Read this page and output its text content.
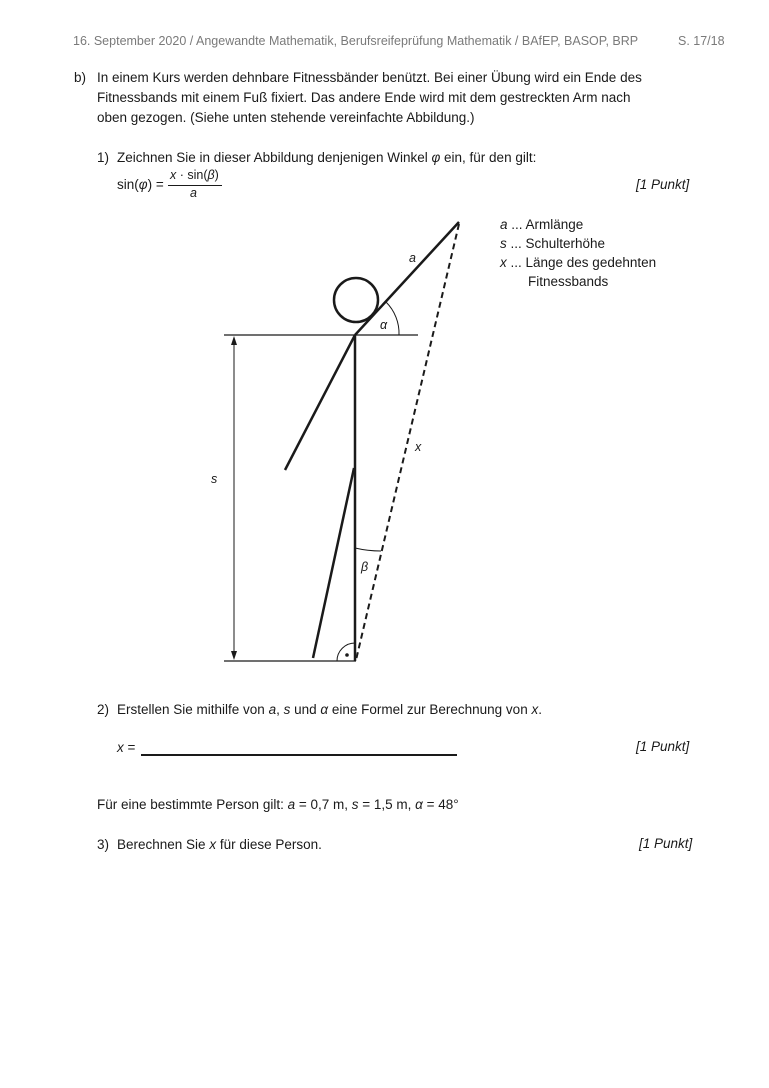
16. September 2020 / Angewandte Mathematik, Berufsreifeprüfung Mathematik / BAfEP, BASOP, BRP	S. 17/18
b) In einem Kurs werden dehnbare Fitnessbänder benützt. Bei einer Übung wird ein Ende des
Fitnessbands mit einem Fuß fixiert. Das andere Ende wird mit dem gestreckten Arm nach
oben gezogen. (Siehe unten stehende vereinfachte Abbildung.)
1) Zeichnen Sie in dieser Abbildung denjenigen Winkel φ ein, für den gilt:
sin(φ) =
x · sin(β)
a
[1 Punkt]
a
α
x
s
β
a ... Armlänge
s ... Schulterhöhe
x ... Länge des gedehnten
Fitnessbands
2) Erstellen Sie mithilfe von a, s und α eine Formel zur Berechnung von x.
x =	[1 Punkt]
Für eine bestimmte Person gilt: a = 0,7 m, s = 1,5 m, α = 48°
3) Berechnen Sie x für diese Person.	[1 Punkt]
